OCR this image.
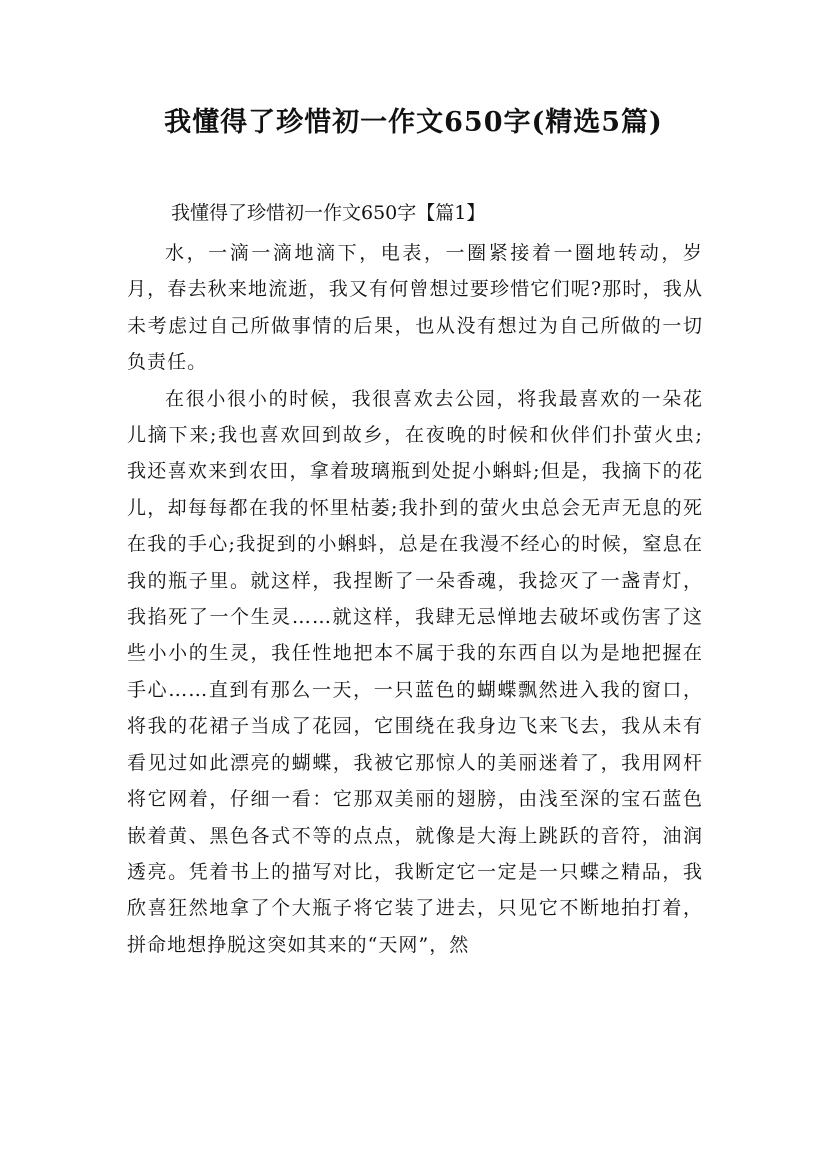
我懂得了珍惜初一作文650字(精选5篇)
我懂得了珍惜初一作文650字【篇1】

水，一滴一滴地滴下，电表，一圈紧接着一圈地转动，岁月，春去秋来地流逝，我又有何曾想过要珍惜它们呢?那时，我从未考虑过自己所做事情的后果，也从没有想过为自己所做的一切负责任。

在很小很小的时候，我很喜欢去公园，将我最喜欢的一朵花儿摘下来;我也喜欢回到故乡，在夜晚的时候和伙伴们扑萤火虫;我还喜欢来到农田，拿着玻璃瓶到处捉小蝌蚪;但是，我摘下的花儿，却每每都在我的怀里枯萎;我扑到的萤火虫总会无声无息的死在我的手心;我捉到的小蝌蚪，总是在我漫不经心的时候，窒息在我的瓶子里。就这样，我捏断了一朵香魂，我捻灭了一盏青灯，我掐死了一个生灵……就这样，我肆无忌惮地去破坏或伤害了这些小小的生灵，我任性地把本不属于我的东西自以为是地把握在手心……直到有那么一天，一只蓝色的蝴蝶飘然进入我的窗口，将我的花裙子当成了花园，它围绕在我身边飞来飞去，我从未有看见过如此漂亮的蝴蝶，我被它那惊人的美丽迷着了，我用网杆将它网着，仔细一看：它那双美丽的翅膀，由浅至深的宝石蓝色嵌着黄、黑色各式不等的点点，就像是大海上跳跃的音符，油润透亮。凭着书上的描写对比，我断定它一定是一只蝶之精品，我欣喜狂然地拿了个大瓶子将它装了进去，只见它不断地拍打着，拼命地想挣脱这突如其来的“天网”，然
